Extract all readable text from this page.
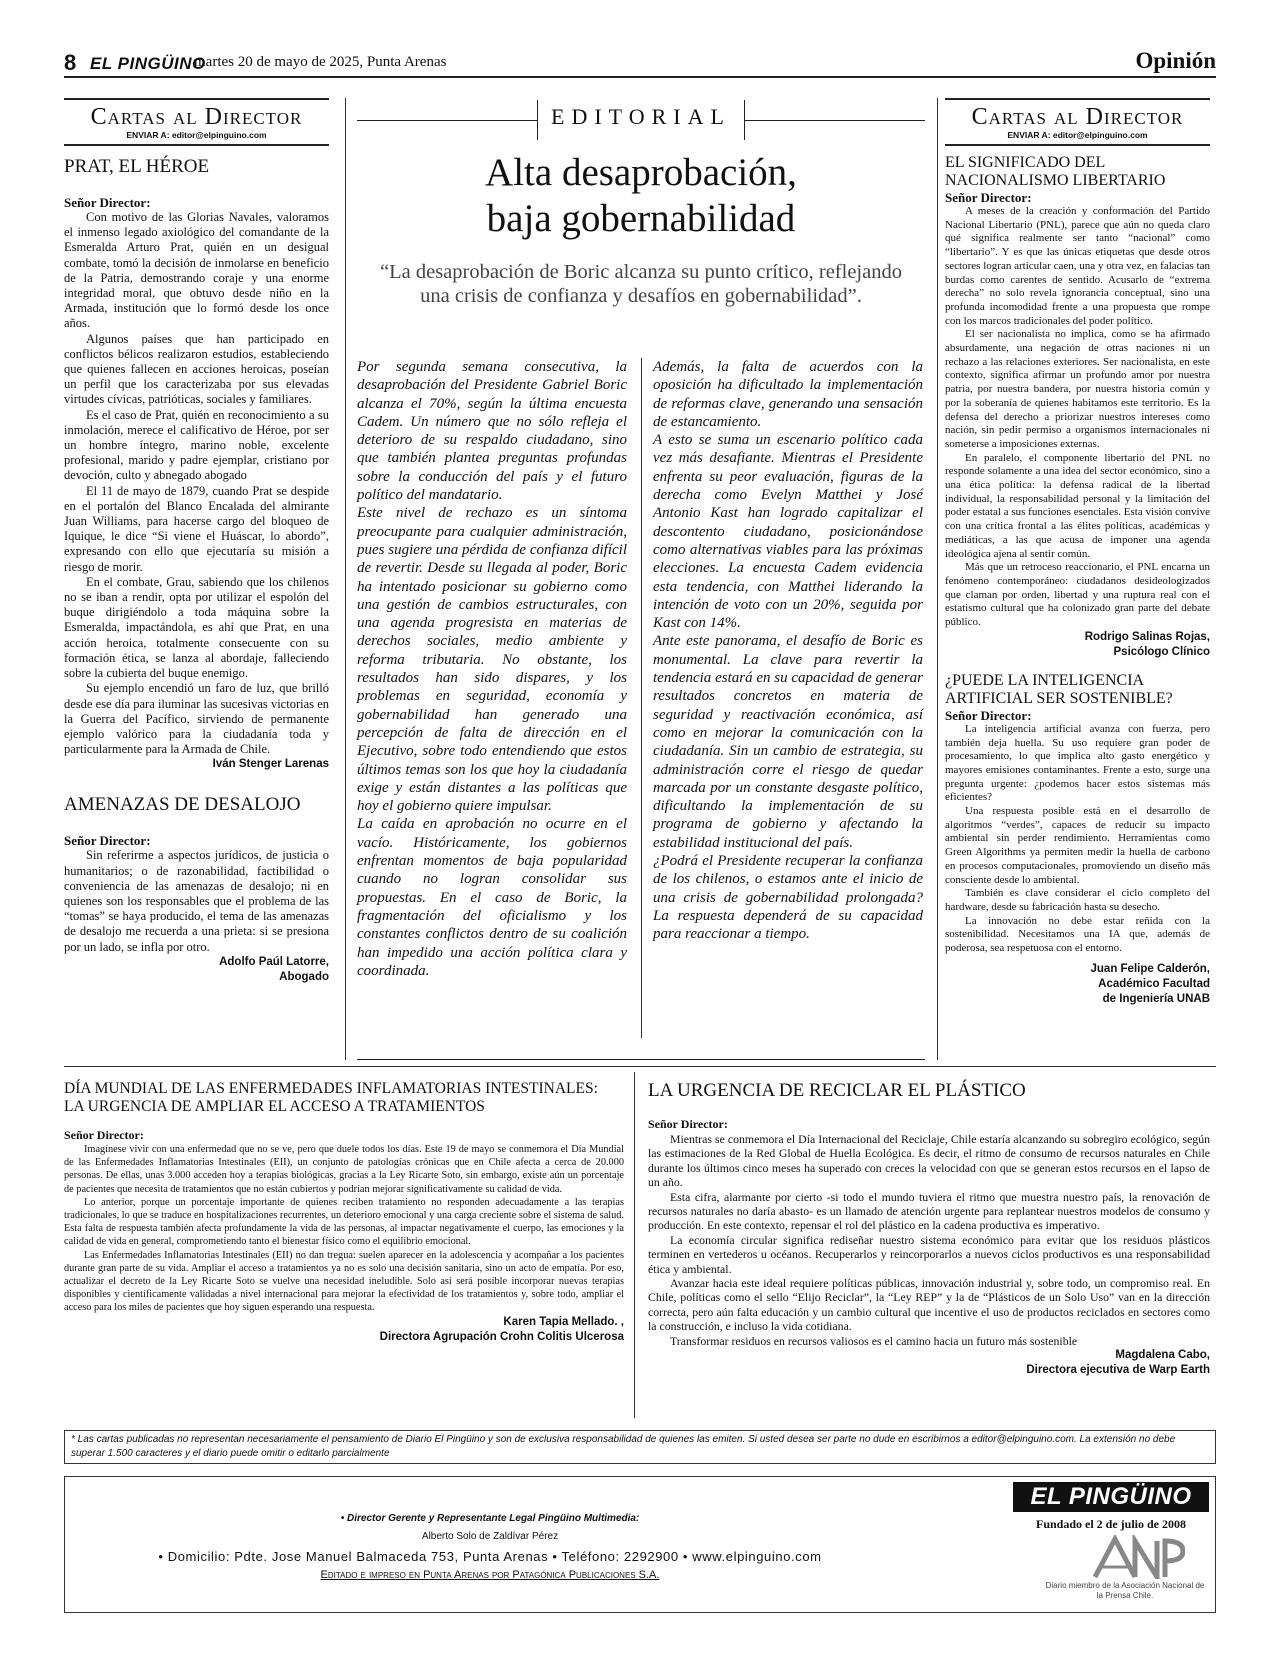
8 EL PINGÜINO
martes 20 de mayo de 2025, Punta Arenas	Opinión
Cartas al Director
ENVIAR A: editor@elpinguino.com
PRAT, EL HÉROE
Señor Director:

Con motivo de las Glorias Navales, valoramos el inmenso legado axiológico del comandante de la Esmeralda Arturo Prat, quién en un desigual combate, tomó la decisión de inmolarse en beneficio de la Patria, demostrando coraje y una enorme integridad moral, que obtuvo desde niño en la Armada, institución que lo formó desde los once años.

Algunos países que han participado en conflictos bélicos realizaron estudios, estableciendo que quienes fallecen en acciones heroicas, poseían un perfil que los caracterizaba por sus elevadas virtudes cívicas, patrióticas, sociales y familiares.

Es el caso de Prat, quién en reconocimiento a su inmolación, merece el calificativo de Héroe, por ser un hombre íntegro, marino noble, excelente profesional, marido y padre ejemplar, cristiano por devoción, culto y abnegado abogado

El 11 de mayo de 1879, cuando Prat se despide en el portalón del Blanco Encalada del almirante Juan Williams, para hacerse cargo del bloqueo de Iquique, le dice “Si viene el Huáscar, lo abordo”, expresando con ello que ejecutaría su misión a riesgo de morir.

En el combate, Grau, sabiendo que los chilenos no se iban a rendir, opta por utilizar el espolón del buque dirigiéndolo a toda máquina sobre la Esmeralda, impactándola, es ahí que Prat, en una acción heroica, totalmente consecuente con su formación ética, se lanza al abordaje, falleciendo sobre la cubierta del buque enemigo.

Su ejemplo encendió un faro de luz, que brilló desde ese día para iluminar las sucesivas victorias en la Guerra del Pacífico, sirviendo de permanente ejemplo valórico para la ciudadanía toda y particularmente para la Armada de Chile.

Iván Stenger Larenas
AMENAZAS DE DESALOJO
Señor Director:

Sin referirme a aspectos jurídicos, de justicia o humanitarios; o de razonabilidad, factibilidad o conveniencia de las amenazas de desalojo; ni en quienes son los responsables que el problema de las “tomas” se haya producido, el tema de las amenazas de desalojo me recuerda a una prieta: si se presiona por un lado, se infla por otro.

Adolfo Paúl Latorre,
Abogado
EDITORIAL
Alta desaprobación,
baja gobernabilidad
“La desaprobación de Boric alcanza su punto crítico, reflejando una crisis de confianza y desafíos en gobernabilidad”.

Por segunda semana consecutiva, la desaprobación del Presidente Gabriel Boric alcanza el 70%, según la última encuesta Cadem. Un número que no sólo refleja el deterioro de su respaldo ciudadano, sino que también plantea preguntas profundas sobre la conducción del país y el futuro político del mandatario.

Este nivel de rechazo es un síntoma preocupante para cualquier administración, pues sugiere una pérdida de confianza difícil de revertir. Desde su llegada al poder, Boric ha intentado posicionar su gobierno como una gestión de cambios estructurales, con una agenda progresista en materias de derechos sociales, medio ambiente y reforma tributaria. No obstante, los resultados han sido dispares, y los problemas en seguridad, economía y gobernabilidad han generado una percepción de falta de dirección en el Ejecutivo, sobre todo entendiendo que estos últimos temas son los que hoy la ciudadanía exige y están distantes a las políticas que hoy el gobierno quiere impulsar.

La caída en aprobación no ocurre en el vacío. Históricamente, los gobiernos enfrentan momentos de baja popularidad cuando no logran consolidar sus propuestas. En el caso de Boric, la fragmentación del oficialismo y los constantes conflictos dentro de su coalición han impedido una acción política clara y coordinada.

Además, la falta de acuerdos con la oposición ha dificultado la implementación de reformas clave, generando una sensación de estancamiento.

A esto se suma un escenario político cada vez más desafiante. Mientras el Presidente enfrenta su peor evaluación, figuras de la derecha como Evelyn Matthei y José Antonio Kast han logrado capitalizar el descontento ciudadano, posicionándose como alternativas viables para las próximas elecciones. La encuesta Cadem evidencia esta tendencia, con Matthei liderando la intención de voto con un 20%, seguida por Kast con 14%.

Ante este panorama, el desafío de Boric es monumental. La clave para revertir la tendencia estará en su capacidad de generar resultados concretos en materia de seguridad y reactivación económica, así como en mejorar la comunicación con la ciudadanía. Sin un cambio de estrategia, su administración corre el riesgo de quedar marcada por un constante desgaste político, dificultando la implementación de su programa de gobierno y afectando la estabilidad institucional del país.

¿Podrá el Presidente recuperar la confianza de los chilenos, o estamos ante el inicio de una crisis de gobernabilidad prolongada? La respuesta dependerá de su capacidad para reaccionar a tiempo.

Cartas al Director
ENVIAR A: editor@elpinguino.com
EL SIGNIFICADO DEL NACIONALISMO LIBERTARIO
Señor Director:

A meses de la creación y conformación del Partido Nacional Libertario (PNL), parece que aún no queda claro qué significa realmente ser tanto “nacional” como “libertario”. Y es que las únicas etiquetas que desde otros sectores logran articular caen, una y otra vez, en falacias tan burdas como carentes de sentido. Acusarlo de “extrema derecha” no solo revela ignorancia conceptual, sino una profunda incomodidad frente a una propuesta que rompe con los marcos tradicionales del poder político.

El ser nacionalista no implica, como se ha afirmado absurdamente, una negación de otras naciones ni un rechazo a las relaciones exteriores. Ser nacionalista, en este contexto, significa afirmar un profundo amor por nuestra patria, por nuestra bandera, por nuestra historia común y por la soberanía de quienes habitamos este territorio. Es la defensa del derecho a priorizar nuestros intereses como nación, sin pedir permiso a organismos internacionales ni someterse a imposiciones externas.

En paralelo, el componente libertario del PNL no responde solamente a una idea del sector económico, sino a una ética política: la defensa radical de la libertad individual, la responsabilidad personal y la limitación del poder estatal a sus funciones esenciales. Esta visión convive con una crítica frontal a las élites políticas, académicas y mediáticas, a las que acusa de imponer una agenda ideológica ajena al sentir común.

Más que un retroceso reaccionario, el PNL encarna un fenómeno contemporáneo: ciudadanos desideologizados que claman por orden, libertad y una ruptura real con el estatismo cultural que ha colonizado gran parte del debate público.

Rodrigo Salinas Rojas,
Psicólogo Clínico
¿PUEDE LA INTELIGENCIA ARTIFICIAL SER SOSTENIBLE?
Señor Director:

La inteligencia artificial avanza con fuerza, pero también deja huella. Su uso requiere gran poder de procesamiento, lo que implica alto gasto energético y mayores emisiones contaminantes. Frente a esto, surge una pregunta urgente: ¿podemos hacer estos sistemas más eficientes?

Una respuesta posible está en el desarrollo de algoritmos “verdes”, capaces de reducir su impacto ambiental sin perder rendimiento. Herramientas como Green Algorithms ya permiten medir la huella de carbono en procesos computacionales, promoviendo un diseño más consciente desde lo ambiental.

También es clave considerar el ciclo completo del hardware, desde su fabricación hasta su desecho.

La innovación no debe estar reñida con la sostenibilidad. Necesitamos una IA que, además de poderosa, sea respetuosa con el entorno.

Juan Felipe Calderón,
Académico Facultad
de Ingeniería UNAB
DÍA MUNDIAL DE LAS ENFERMEDADES INFLAMATORIAS INTESTINALES:
LA URGENCIA DE AMPLIAR EL ACCESO A TRATAMIENTOS
Señor Director:

Imagínese vivir con una enfermedad que no se ve, pero que duele todos los días. Este 19 de mayo se conmemora el Día Mundial de las Enfermedades Inflamatorias Intestinales (EII), un conjunto de patologías crónicas que en Chile afecta a cerca de 20.000 personas. De ellas, unas 3.000 acceden hoy a terapias biológicas, gracias a la Ley Ricarte Soto, sin embargo, existe aún un porcentaje de pacientes que necesita de tratamientos que no están cubiertos y podrían mejorar significativamente su calidad de vida.

Lo anterior, porque un porcentaje importante de quienes reciben tratamiento no responden adecuadamente a las terapias tradicionales, lo que se traduce en hospitalizaciones recurrentes, un deterioro emocional y una carga creciente sobre el sistema de salud. Esta falta de respuesta también afecta profundamente la vida de las personas, al impactar negativamente el cuerpo, las emociones y la calidad de vida en general, comprometiendo tanto el bienestar físico como el equilibrio emocional.

Las Enfermedades Inflamatorias Intestinales (EII) no dan tregua: suelen aparecer en la adolescencia y acompañar a los pacientes durante gran parte de su vida. Ampliar el acceso a tratamientos ya no es solo una decisión sanitaria, sino un acto de empatía. Por eso, actualizar el decreto de la Ley Ricarte Soto se vuelve una necesidad ineludible. Solo así será posible incorporar nuevas terapias disponibles y científicamente validadas a nivel internacional para mejorar la efectividad de los tratamientos y, sobre todo, ampliar el acceso para los miles de pacientes que hoy siguen esperando una respuesta.

Karen Tapia Mellado. ,
Directora Agrupación Crohn Colitis Ulcerosa
LA URGENCIA DE RECICLAR EL PLÁSTICO
Señor Director:

Mientras se conmemora el Día Internacional del Reciclaje, Chile estaría alcanzando su sobregiro ecológico, según las estimaciones de la Red Global de Huella Ecológica. Es decir, el ritmo de consumo de recursos naturales en Chile durante los últimos cinco meses ha superado con creces la velocidad con que se generan estos recursos en el lapso de un año.

Esta cifra, alarmante por cierto -si todo el mundo tuviera el ritmo que muestra nuestro país, la renovación de recursos naturales no daría abasto- es un llamado de atención urgente para replantear nuestros modelos de consumo y producción. En este contexto, repensar el rol del plástico en la cadena productiva es imperativo.

La economía circular significa rediseñar nuestro sistema económico para evitar que los residuos plásticos terminen en vertederos u océanos. Recuperarlos y reincorporarlos a nuevos ciclos productivos es una responsabilidad ética y ambiental.

Avanzar hacia este ideal requiere políticas públicas, innovación industrial y, sobre todo, un compromiso real. En Chile, políticas como el sello “Elijo Reciclar”, la “Ley REP” y la de “Plásticos de un Solo Uso” van en la dirección correcta, pero aún falta educación y un cambio cultural que incentive el uso de productos reciclados en sectores como la construcción, e incluso la vida cotidiana.

Transformar residuos en recursos valiosos es el camino hacia un futuro más sostenible

Magdalena Cabo,
Directora ejecutiva de Warp Earth
* Las cartas publicadas no representan necesariamente el pensamiento de Diario El Pingüino y son de exclusiva responsabilidad de quienes las emiten. Si usted desea ser parte no dude en escribirnos a editor@elpinguino.com. La extensión no debe superar 1.500 caracteres y el diario puede omitir o editarlo parcialmente
• Director Gerente y Representante Legal Pingüino Multimedia:
Alberto Solo de Zaldívar Pérez
• Domicilio: Pdte. Jose Manuel Balmaceda 753, Punta Arenas • Teléfono: 2292900 • www.elpinguino.com
Editado e impreso en Punta Arenas por Patagónica Publicaciones S.A.
EL PINGÜINO
Fundado el 2 de julio de 2008
Diario miembro de la Asociación Nacional de la Prensa Chile.
